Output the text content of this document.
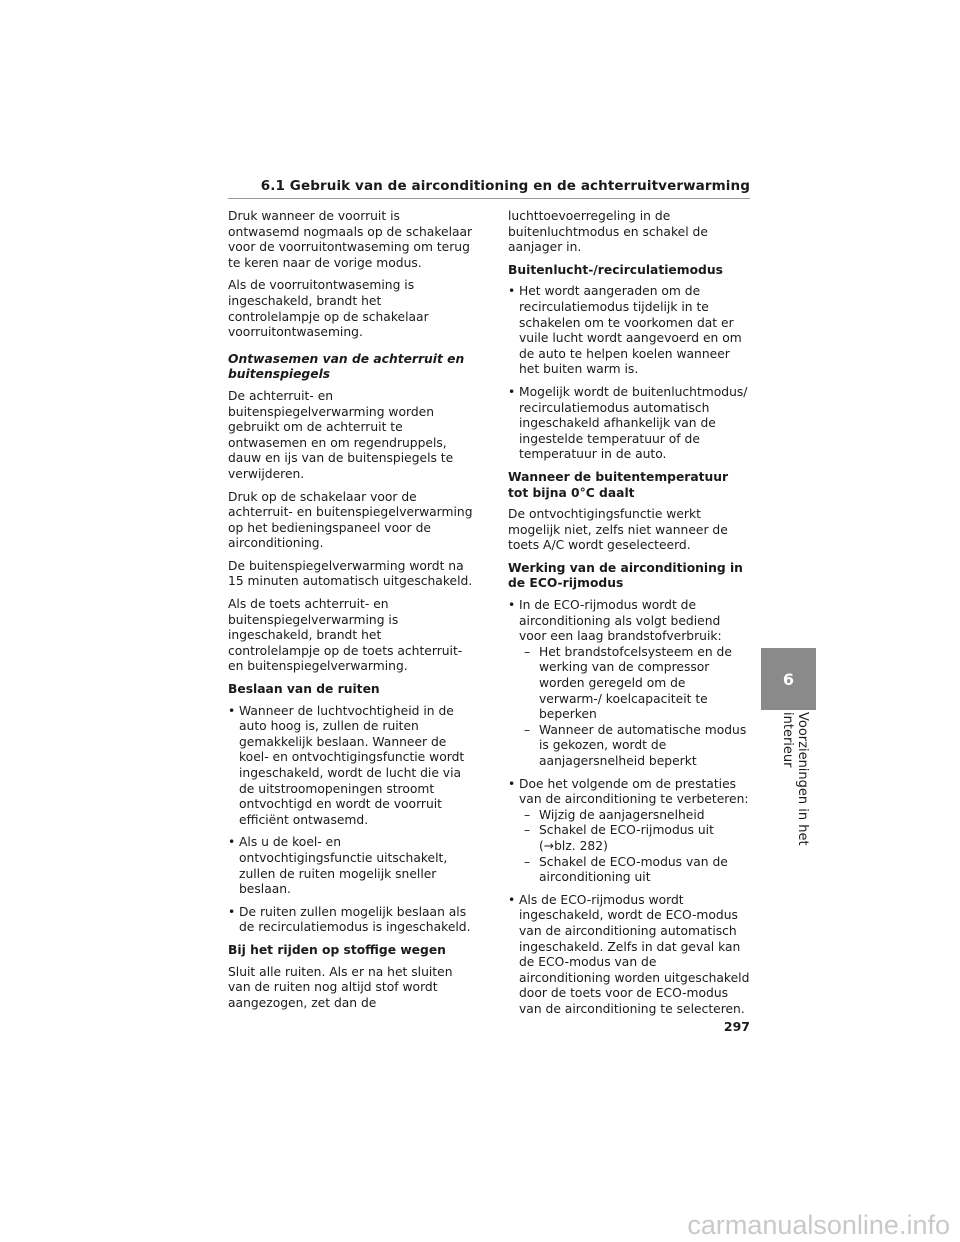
6.1 Gebruik van de airconditioning en de achterruitverwarming

Druk wanneer de voorruit is ontwasemd nogmaals op de schakelaar voor de voorruitontwaseming om terug te keren naar de vorige modus.

Als de voorruitontwaseming is ingeschakeld, brandt het controlelampje op de schakelaar voorruitontwaseming.

Ontwasemen van de achterruit en buitenspiegels

De achterruit- en buitenspiegelverwarming worden gebruikt om de achterruit te ontwasemen en om regendruppels, dauw en ijs van de buitenspiegels te verwijderen.

Druk op de schakelaar voor de achterruit- en buitenspiegelverwarming op het bedieningspaneel voor de airconditioning.

De buitenspiegelverwarming wordt na 15 minuten automatisch uitgeschakeld.

Als de toets achterruit- en buitenspiegelverwarming is ingeschakeld, brandt het controlelampje op de toets achterruit- en buitenspiegelverwarming.

Beslaan van de ruiten
• Wanneer de luchtvochtigheid in de auto hoog is, zullen de ruiten gemakkelijk beslaan. Wanneer de koel- en ontvochtigingsfunctie wordt ingeschakeld, wordt de lucht die via de uitstroomopeningen stroomt ontvochtigd en wordt de voorruit efficiënt ontwasemd.
• Als u de koel- en ontvochtigingsfunctie uitschakelt, zullen de ruiten mogelijk sneller beslaan.
• De ruiten zullen mogelijk beslaan als de recirculatiemodus is ingeschakeld.
Bij het rijden op stoffige wegen

Sluit alle ruiten. Als er na het sluiten van de ruiten nog altijd stof wordt aangezogen, zet dan de

luchttoevoerregeling in de buitenluchtmodus en schakel de aanjager in.

Buitenlucht-/recirculatiemodus
• Het wordt aangeraden om de recirculatiemodus tijdelijk in te schakelen om te voorkomen dat er vuile lucht wordt aangevoerd en om de auto te helpen koelen wanneer het buiten warm is.
• Mogelijk wordt de buitenluchtmodus/ recirculatiemodus automatisch ingeschakeld afhankelijk van de ingestelde temperatuur of de temperatuur in de auto.
Wanneer de buitentemperatuur tot bijna 0°C daalt

De ontvochtigingsfunctie werkt mogelijk niet, zelfs niet wanneer de toets A/C wordt geselecteerd.

Werking van de airconditioning in de ECO-rijmodus
• In de ECO-rijmodus wordt de airconditioning als volgt bediend voor een laag brandstofverbruik:
– Het brandstofcelsysteem en de werking van de compressor worden geregeld om de verwarm-/ koelcapaciteit te beperken
– Wanneer de automatische modus is gekozen, wordt de aanjagersnelheid beperkt
• Doe het volgende om de prestaties van de airconditioning te verbeteren:
– Wijzig de aanjagersnelheid
– Schakel de ECO-rijmodus uit (→blz. 282)
– Schakel de ECO-modus van de airconditioning uit
• Als de ECO-rijmodus wordt ingeschakeld, wordt de ECO-modus van de airconditioning automatisch ingeschakeld. Zelfs in dat geval kan de ECO-modus van de airconditioning worden uitgeschakeld door de toets voor de ECO-modus van de airconditioning te selecteren.
6
Voorzieningen in het interieur
297
carmanualsonline.info
